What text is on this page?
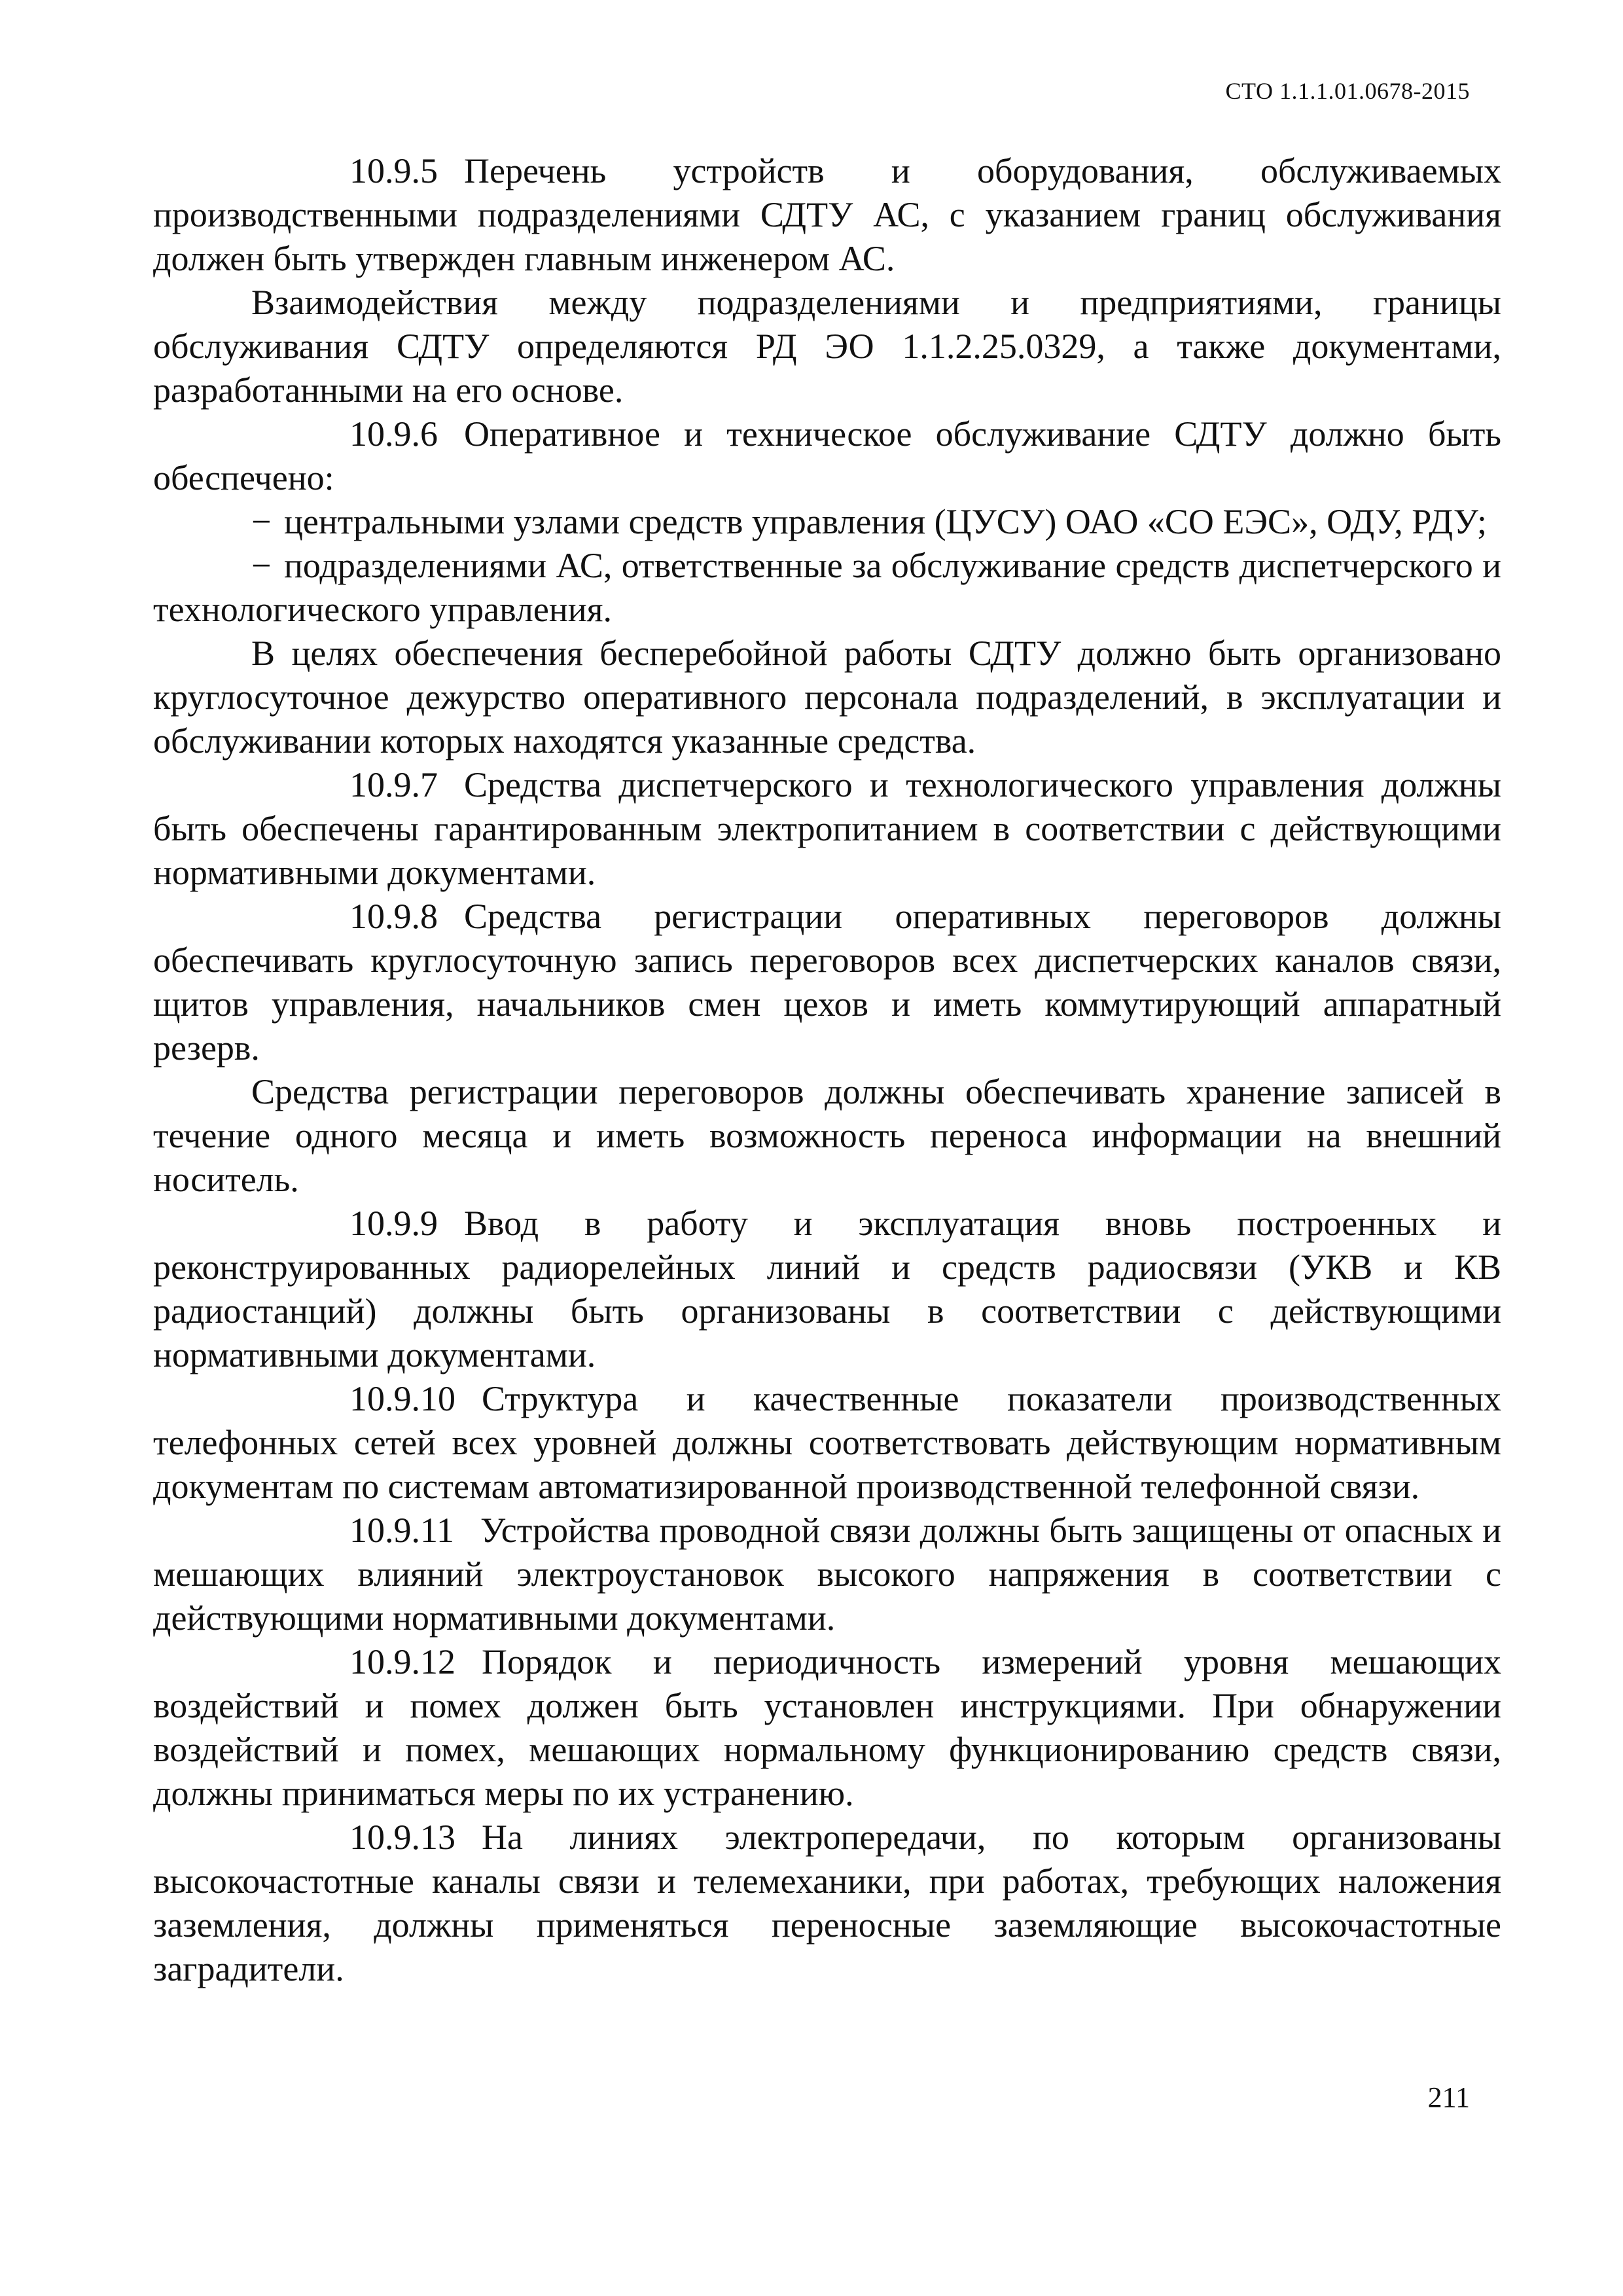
СТО 1.1.1.01.0678-2015

10.9.5 Перечень устройств и оборудования, обслуживаемых производственными подразделениями СДТУ АС, с указанием границ обслуживания должен быть утвержден главным инженером АС.

Взаимодействия между подразделениями и предприятиями, границы обслуживания СДТУ определяются РД ЭО 1.1.2.25.0329, а также документами, разработанными на его основе.

10.9.6 Оперативное и техническое обслуживание СДТУ должно быть обеспечено:

− центральными узлами средств управления (ЦУСУ) ОАО «СО ЕЭС», ОДУ, РДУ;

− подразделениями АС, ответственные за обслуживание средств диспетчерского и технологического управления.

В целях обеспечения бесперебойной работы СДТУ должно быть организовано круглосуточное дежурство оперативного персонала подразделений, в эксплуатации и обслуживании которых находятся указанные средства.

10.9.7 Средства диспетчерского и технологического управления должны быть обеспечены гарантированным электропитанием в соответствии с действующими нормативными документами.

10.9.8 Средства регистрации оперативных переговоров должны обеспечивать круглосуточную запись переговоров всех диспетчерских каналов связи, щитов управления, начальников смен цехов и иметь коммутирующий аппаратный резерв.

Средства регистрации переговоров должны обеспечивать хранение записей в течение одного месяца и иметь возможность переноса информации на внешний носитель.

10.9.9 Ввод в работу и эксплуатация вновь построенных и реконструированных радиорелейных линий и средств радиосвязи (УКВ и КВ радиостанций) должны быть организованы в соответствии с действующими нормативными документами.

10.9.10 Структура и качественные показатели производственных телефонных сетей всех уровней должны соответствовать действующим нормативным документам по системам автоматизированной производственной телефонной связи.

10.9.11 Устройства проводной связи должны быть защищены от опасных и мешающих влияний электроустановок высокого напряжения в соответствии с действующими нормативными документами.

10.9.12 Порядок и периодичность измерений уровня мешающих воздействий и помех должен быть установлен инструкциями. При обнаружении воздействий и помех, мешающих нормальному функционированию средств связи, должны приниматься меры по их устранению.

10.9.13 На линиях электропередачи, по которым организованы высокочастотные каналы связи и телемеханики, при работах, требующих наложения заземления, должны применяться переносные заземляющие высокочастотные заградители.

211
